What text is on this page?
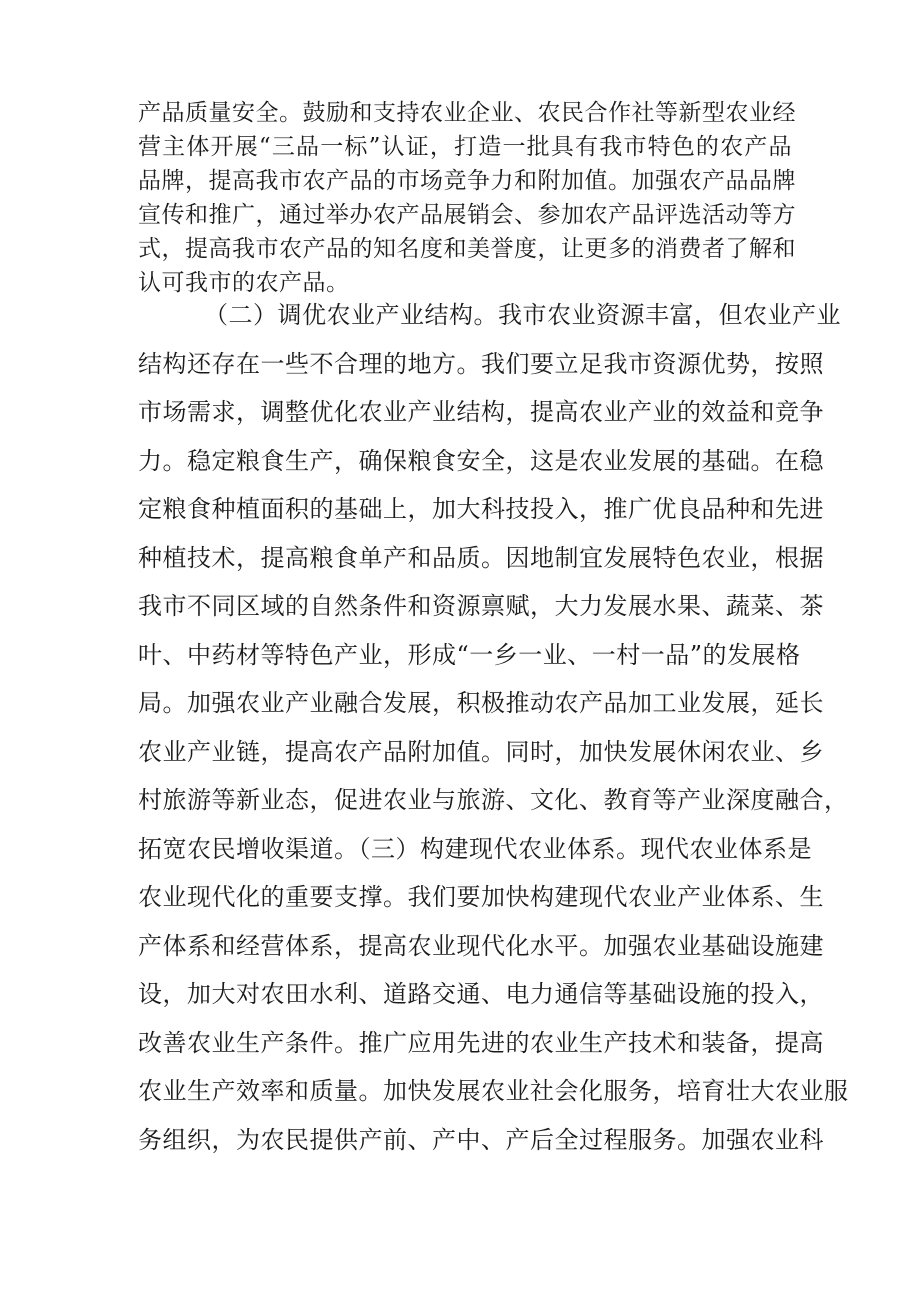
产品质量安全。鼓励和支持农业企业、农民合作社等新型农业经
营主体开展“三品一标”认证，打造一批具有我市特色的农产品
品牌，提高我市农产品的市场竞争力和附加值。加强农产品品牌
宣传和推广，通过举办农产品展销会、参加农产品评选活动等方
式，提高我市农产品的知名度和美誉度，让更多的消费者了解和
认可我市的农产品。
（二）调优农业产业结构。我市农业资源丰富，但农业产业
结构还存在一些不合理的地方。我们要立足我市资源优势，按照
市场需求，调整优化农业产业结构，提高农业产业的效益和竞争
力。稳定粮食生产，确保粮食安全，这是农业发展的基础。在稳
定粮食种植面积的基础上，加大科技投入，推广优良品种和先进
种植技术，提高粮食单产和品质。因地制宜发展特色农业，根据
我市不同区域的自然条件和资源禀赋，大力发展水果、蔬菜、茶
叶、中药材等特色产业，形成“一乡一业、一村一品”的发展格
局。加强农业产业融合发展，积极推动农产品加工业发展，延长
农业产业链，提高农产品附加值。同时，加快发展休闲农业、乡
村旅游等新业态，促进农业与旅游、文化、教育等产业深度融合，
拓宽农民增收渠道。（三）构建现代农业体系。现代农业体系是
农业现代化的重要支撑。我们要加快构建现代农业产业体系、生
产体系和经营体系，提高农业现代化水平。加强农业基础设施建
设，加大对农田水利、道路交通、电力通信等基础设施的投入，
改善农业生产条件。推广应用先进的农业生产技术和装备，提高
农业生产效率和质量。加快发展农业社会化服务，培育壮大农业服
务组织，为农民提供产前、产中、产后全过程服务。加强农业科
